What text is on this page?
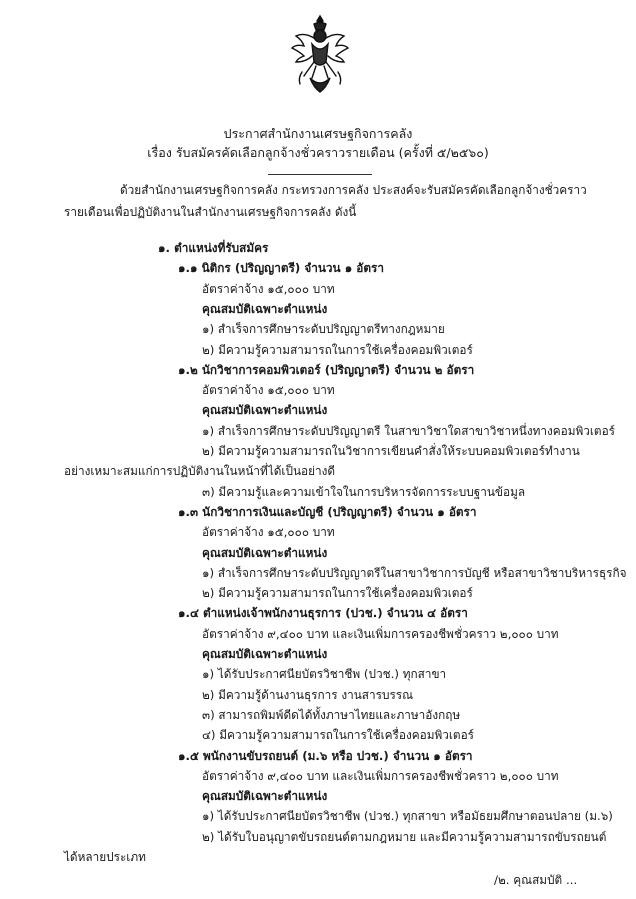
ประกาศสำนักงานเศรษฐกิจการคลัง
เรื่อง รับสมัครคัดเลือกลูกจ้างชั่วคราวรายเดือน (ครั้งที่ ๕/๒๕๖๐)
ด้วยสำนักงานเศรษฐกิจการคลัง กระทรวงการคลัง ประสงค์จะรับสมัครคัดเลือกลูกจ้างชั่วคราว
รายเดือนเพื่อปฏิบัติงานในสำนักงานเศรษฐกิจการคลัง ดังนี้
๑. ตำแหน่งที่รับสมัคร
๑.๑ นิติกร (ปริญญาตรี) จำนวน ๑ อัตรา
อัตราค่าจ้าง ๑๕,๐๐๐ บาท
คุณสมบัติเฉพาะตำแหน่ง
๑) สำเร็จการศึกษาระดับปริญญาตรีทางกฎหมาย
๒) มีความรู้ความสามารถในการใช้เครื่องคอมพิวเตอร์
๑.๒ นักวิชาการคอมพิวเตอร์ (ปริญญาตรี) จำนวน ๒ อัตรา
อัตราค่าจ้าง ๑๕,๐๐๐ บาท
คุณสมบัติเฉพาะตำแหน่ง
๑) สำเร็จการศึกษาระดับปริญญาตรี ในสาขาวิชาใดสาขาวิชาหนึ่งทางคอมพิวเตอร์
๒) มีความรู้ความสามารถในวิชาการเขียนคำสั่งให้ระบบคอมพิวเตอร์ทำงาน
อย่างเหมาะสมแก่การปฏิบัติงานในหน้าที่ได้เป็นอย่างดี
๓) มีความรู้และความเข้าใจในการบริหารจัดการระบบฐานข้อมูล
๑.๓ นักวิชาการเงินและบัญชี (ปริญญาตรี) จำนวน ๑ อัตรา
อัตราค่าจ้าง ๑๕,๐๐๐ บาท
คุณสมบัติเฉพาะตำแหน่ง
๑) สำเร็จการศึกษาระดับปริญญาตรีในสาขาวิชาการบัญชี หรือสาขาวิชาบริหารธุรกิจ
๒) มีความรู้ความสามารถในการใช้เครื่องคอมพิวเตอร์
๑.๔ ตำแหน่งเจ้าพนักงานธุรการ (ปวช.) จำนวน ๔ อัตรา
อัตราค่าจ้าง ๙,๔๐๐ บาท และเงินเพิ่มการครองชีพชั่วคราว ๒,๐๐๐ บาท
คุณสมบัติเฉพาะตำแหน่ง
๑) ได้รับประกาศนียบัตรวิชาชีพ (ปวช.) ทุกสาขา
๒) มีความรู้ด้านงานธุรการ งานสารบรรณ
๓) สามารถพิมพ์ดีดได้ทั้งภาษาไทยและภาษาอังกฤษ
๔) มีความรู้ความสามารถในการใช้เครื่องคอมพิวเตอร์
๑.๕ พนักงานขับรถยนต์ (ม.๖ หรือ ปวช.) จำนวน ๑ อัตรา
อัตราค่าจ้าง ๙,๔๐๐ บาท และเงินเพิ่มการครองชีพชั่วคราว ๒,๐๐๐ บาท
คุณสมบัติเฉพาะตำแหน่ง
๑) ได้รับประกาศนียบัตรวิชาชีพ (ปวช.) ทุกสาขา หรือมัธยมศึกษาตอนปลาย (ม.๖)
๒) ได้รับใบอนุญาตขับรถยนต์ตามกฎหมาย และมีความรู้ความสามารถขับรถยนต์
ได้หลายประเภท
/๒. คุณสมบัติ ...
